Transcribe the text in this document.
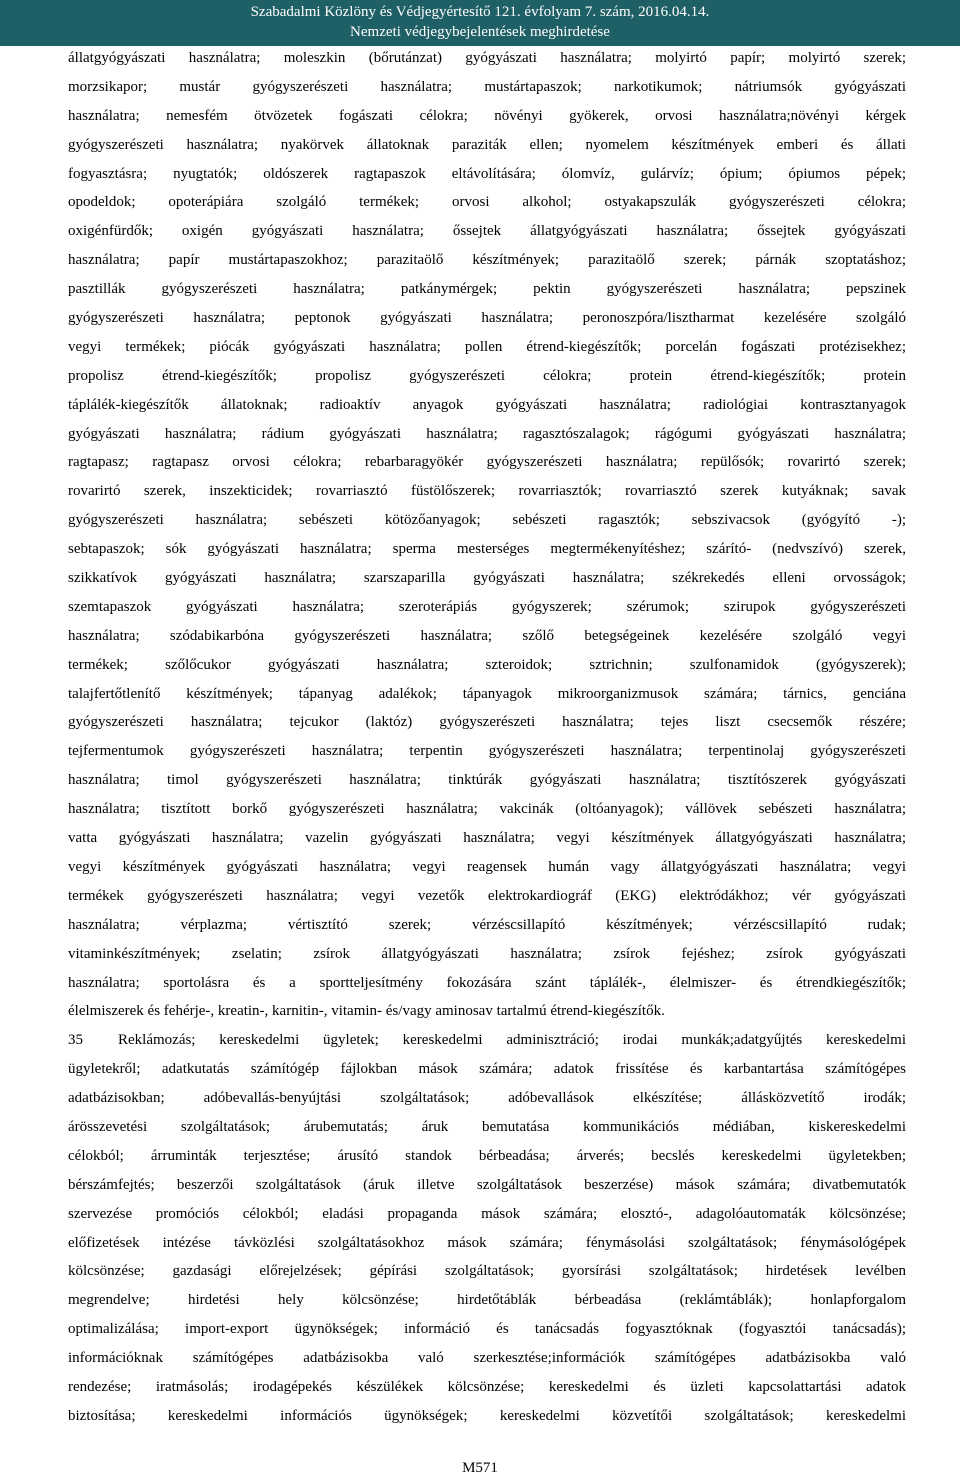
Szabadalmi Közlöny és Védjegyértesítő 121. évfolyam 7. szám, 2016.04.14.
Nemzeti védjegybejelentések meghirdetése
állatgyógyászati használatra; moleszkin (bőrutánzat) gyógyászati használatra; molyirtó papír; molyirtó szerek;
morzsikapor; mustár gyógyszerészeti használatra; mustártapaszok; narkotikumok; nátriumsók gyógyászati
használatra; nemesfém ötvözetek fogászati célokra; növényi gyökerek, orvosi használatra;növényi kérgek
gyógyszerészeti használatra; nyakörvek állatoknak paraziták ellen; nyomelem készítmények emberi és állati
fogyasztásra; nyugtatók; oldószerek ragtapaszok eltávolítására; ólomvíz, gulárvíz; ópium; ópiumos pépek;
opodeldok; opoterápiára szolgáló termékek; orvosi alkohol; ostyakapszulák gyógyszerészeti célokra;
oxigénfürdők; oxigén gyógyászati használatra; őssejtek állatgyógyászati használatra; őssejtek gyógyászati
használatra; papír mustártapaszokhoz; parazitaölő készítmények; parazitaölő szerek; párnák szoptatáshoz;
pasztillák gyógyszerészeti használatra; patkánymérgek; pektin gyógyszerészeti használatra; pepszinek
gyógyszerészeti használatra; peptonok gyógyászati használatra; peronoszpóra/lisztharmat kezelésére szolgáló
vegyi termékek; piócák gyógyászati használatra; pollen étrend-kiegészítők; porcelán fogászati protézisekhez;
propolisz étrend-kiegészítők; propolisz gyógyszerészeti célokra; protein étrend-kiegészítők; protein
táplálék-kiegészítők állatoknak; radioaktív anyagok gyógyászati használatra; radiológiai kontrasztanyagok
gyógyászati használatra; rádium gyógyászati használatra; ragasztószalagok; rágógumi gyógyászati használatra;
ragtapasz; ragtapasz orvosi célokra; rebarbaragyökér gyógyszerészeti használatra; repülősók; rovarirtó szerek;
rovarirtó szerek, inszekticidek; rovarriasztó füstölőszerek; rovarriasztók; rovarriasztó szerek kutyáknak; savak
gyógyszerészeti használatra; sebészeti kötözőanyagok; sebészeti ragasztók; sebszivacsok (gyógyító -);
sebtapaszok; sók gyógyászati használatra; sperma mesterséges megtermékenyítéshez; szárító- (nedvszívó) szerek,
szikkatívok gyógyászati használatra; szarszaparilla gyógyászati használatra; székrekedés elleni orvosságok;
szemtapaszok gyógyászati használatra; szeroterápiás gyógyszerek; szérumok; szirupok gyógyszerészeti
használatra; szódabikarbóna gyógyszerészeti használatra; szőlő betegségeinek kezelésére szolgáló vegyi
termékek; szőlőcukor gyógyászati használatra; szteroidok; sztrichnin; szulfonamidok (gyógyszerek);
talajfertőtlenítő készítmények; tápanyag adalékok; tápanyagok mikroorganizmusok számára; tárnics, genciána
gyógyszerészeti használatra; tejcukor (laktóz) gyógyszerészeti használatra; tejes liszt csecsemők részére;
tejfermentumok gyógyszerészeti használatra; terpentin gyógyszerészeti használatra; terpentinolaj gyógyszerészeti
használatra; timol gyógyszerészeti használatra; tinktúrák gyógyászati használatra; tisztítószerek gyógyászati
használatra; tisztított borkő gyógyszerészeti használatra; vakcinák (oltóanyagok); vállövek sebészeti használatra;
vatta gyógyászati használatra; vazelin gyógyászati használatra; vegyi készítmények állatgyógyászati használatra;
vegyi készítmények gyógyászati használatra; vegyi reagensek humán vagy állatgyógyászati használatra; vegyi
termékek gyógyszerészeti használatra; vegyi vezetők elektrokardiográf (EKG) elektródákhoz; vér gyógyászati
használatra; vérplazma; vértisztító szerek; vérzéscsillapító készítmények; vérzéscsillapító rudak;
vitaminkészítmények; zselatin; zsírok állatgyógyászati használatra; zsírok fejéshez; zsírok gyógyászati
használatra; sportolásra és a sportteljesítmény fokozására szánt táplálék-, élelmiszer- és étrendkiegészítők;
élelmiszerek és fehérje-, kreatin-, karnitin-, vitamin- és/vagy aminosav tartalmú étrend-kiegészítők.
35 Reklámozás; kereskedelmi ügyletek; kereskedelmi adminisztráció; irodai munkák;adatgyűjtés kereskedelmi
ügyletekről; adatkutatás számítógép fájlokban mások számára; adatok frissítése és karbantartása számítógépes
adatbázisokban; adóbevallás-benyújtási szolgáltatások; adóbevallások elkészítése; állásközvetítő irodák;
árösszevetési szolgáltatások; árubemutatás; áruk bemutatása kommunikációs médiában, kiskereskedelmi
célokból; árruminták terjesztése; árusító standok bérbeadása; árverés; becslés kereskedelmi ügyletekben;
bérszámfejtés; beszerzői szolgáltatások (áruk illetve szolgáltatások beszerzése) mások számára; divatbemutatók
szervezése promóciós célokból; eladási propaganda mások számára; elosztó-, adagolóautomaták kölcsönzése;
előfizetések intézése távközlési szolgáltatásokhoz mások számára; fénymásolási szolgáltatások; fénymásológépek
kölcsönzése; gazdasági előrejelzések; gépírási szolgáltatások; gyorsírási szolgáltatások; hirdetések levélben
megrendelve; hirdetési hely kölcsönzése; hirdetőtáblák bérbeadása (reklámtáblák); honlapforgalom
optimalizálása; import-export ügynökségek; információ és tanácsadás fogyasztóknak (fogyasztói tanácsadás);
információknak számítógépes adatbázisokba való szerkesztése;információk számítógépes adatbázisokba való
rendezése; iratmásolás; irodagépekés készülékek kölcsönzése; kereskedelmi és üzleti kapcsolattartási adatok
biztosítása; kereskedelmi információs ügynökségek; kereskedelmi közvetítői szolgáltatások; kereskedelmi
M571
